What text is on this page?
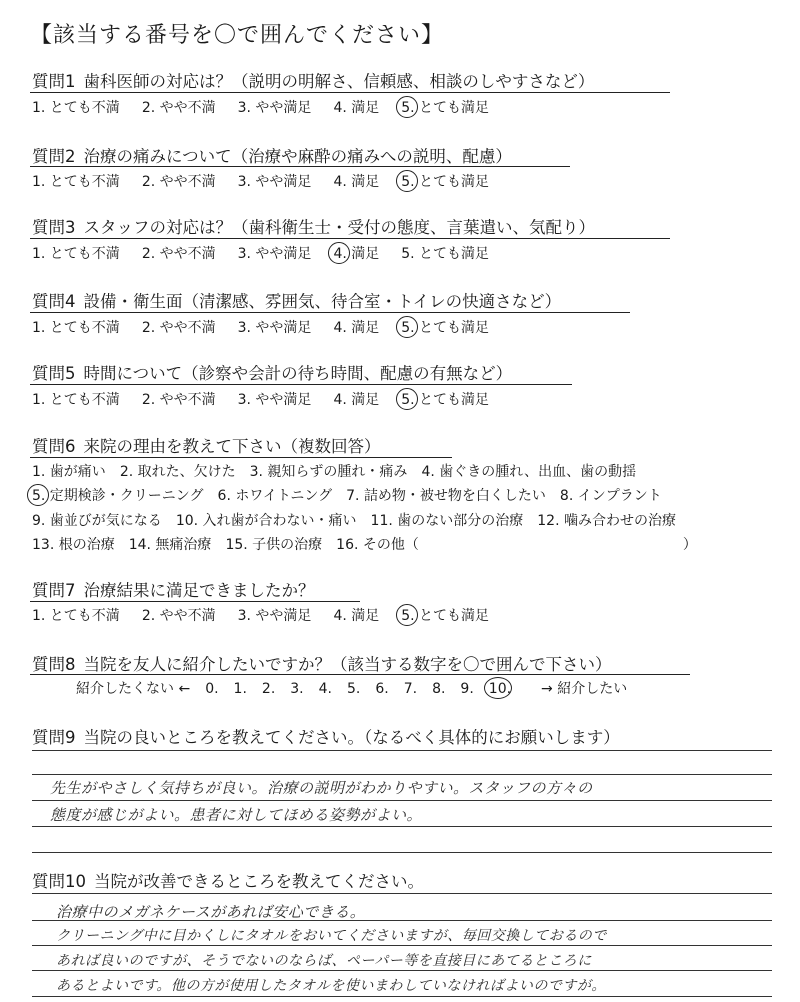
【該当する番号を〇で囲んでください】
質問1 歯科医師の対応は？（説明の明解さ、信頼感、相談のしやすさなど）
1. とても不満 2. やや不満 3. やや満足 4. 満足 5. とても満足
質問2 治療の痛みについて（治療や麻酔の痛みへの説明、配慮）
1. とても不満 2. やや不満 3. やや満足 4. 満足 5. とても満足
質問3 スタッフの対応は？（歯科衛生士・受付の態度、言葉遣い、気配り）
1. とても不満 2. やや不満 3. やや満足 4. 満足 5. とても満足
質問4 設備・衛生面（清潔感、雰囲気、待合室・トイレの快適さなど）
1. とても不満 2. やや不満 3. やや満足 4. 満足 5. とても満足
質問5 時間について（診察や会計の待ち時間、配慮の有無など）
1. とても不満 2. やや不満 3. やや満足 4. 満足 5. とても満足
質問6 来院の理由を教えて下さい（複数回答）
1. 歯が痛い 2. 取れた、欠けた 3. 親知らずの腫れ・痛み 4. 歯ぐきの腫れ、出血、歯の動揺
5. 定期検診・クリーニング 6. ホワイトニング 7. 詰め物・被せ物を白くしたい 8. インプラント
9. 歯並びが気になる 10. 入れ歯が合わない・痛い 11. 歯のない部分の治療 12. 噛み合わせの治療
13. 根の治療 14. 無痛治療 15. 子供の治療 16. その他（	）
質問7 治療結果に満足できましたか？
1. とても不満 2. やや不満 3. やや満足 4. 満足 5. とても満足
質問8 当院を友人に紹介したいですか？（該当する数字を〇で囲んで下さい）
紹介したくない ← 0. 1. 2. 3. 4. 5. 6. 7. 8. 9. 10. → 紹介したい
質問9 当院の良いところを教えてください。（なるべく具体的にお願いします）
先生がやさしく気持ちが良い。治療の説明がわかりやすい。スタッフの方々の
態度が感じがよい。患者に対してほめる姿勢がよい。
質問10 当院が改善できるところを教えてください。
治療中のメガネケースがあれば安心できる。
クリーニング中に目かくしにタオルをおいてくださいますが、毎回交換しておるので
あれば良いのですが、そうでないのならば、ペーパー等を直接目にあてるところに
あるとよいです。他の方が使用したタオルを使いまわしていなければよいのですが。
